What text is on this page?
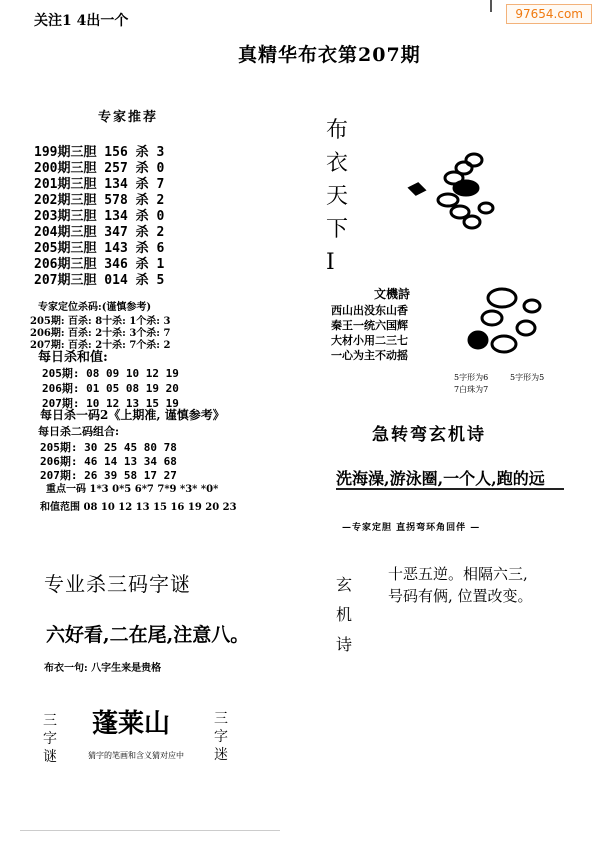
97654.com
关注1 4出一个
真精华布衣第207期
专家推荐
199期三胆 156 杀 3
200期三胆 257 杀 0
201期三胆 134 杀 7
202期三胆 578 杀 2
203期三胆 134 杀 0
204期三胆 347 杀 2
205期三胆 143 杀 6
206期三胆 346 杀 1
207期三胆 014 杀 5
专家定位杀码:(谨慎参考)
205期: 百杀: 8十杀: 1个杀: 3
206期: 百杀: 2十杀: 3个杀: 7
207期: 百杀: 2十杀: 7个杀: 2
每日杀和值:
205期: 08 09 10 12 19
206期: 01 05 08 19 20
207期: 10 12 13 15 19
每日杀一码2《上期准, 谨慎参考》
每日杀二码组合:
205期: 30 25 45 80 78
206期: 46 14 13 34 68
207期: 26 39 58 17 27
重点一码 1*3 0*5 6*7 7*9 *3* *0*
和值范围 08 10 12 13 15 16 19 20 23
专业杀三码字谜
六好看,二在尾,注意八。
布衣一句: 八字生来是贵格
三字谜
蓬莱山
猜字的笔画和含义猜对应中
三字迷
布衣天下I
文機詩
西山出没东山香
秦王一统六国辉
大材小用二三七
一心为主不动摇
5字形为6	5字形为5
7白珠为7
急转弯玄机诗
洗海澡,游泳圈,一个人,跑的远
—专家定胆 直拐弯环角回伴 —
玄机诗
十恶五逆。相隔六三,
号码有俩, 位置改变。
